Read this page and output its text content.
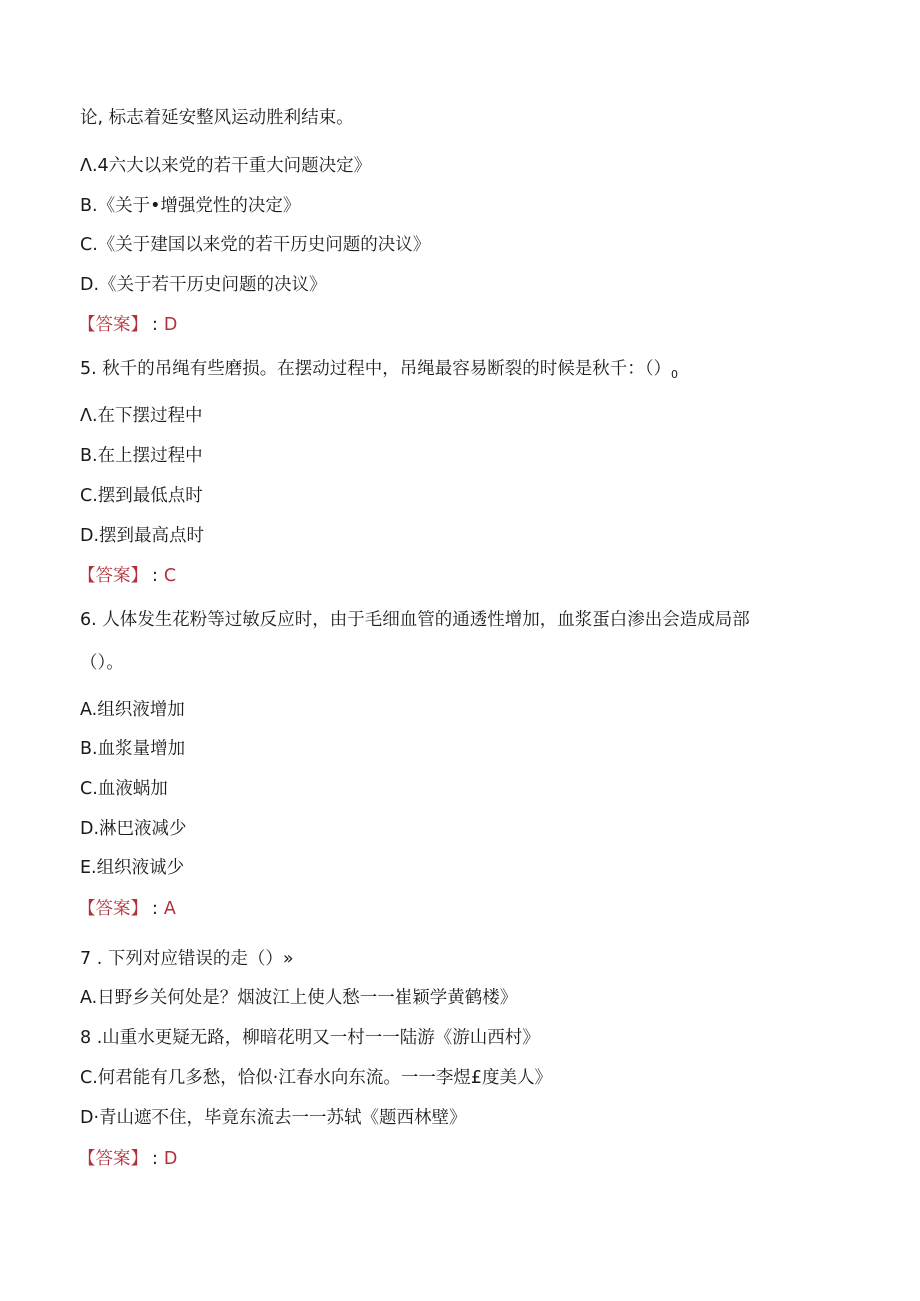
论, 标志着延安整风运动胜利结束。
Λ.4六大以来党的若干重大问题决定》
B.《关于•增强党性的决定》
C.《关于建国以来党的若干历史问题的决议》
D.《关于若干历史问题的决议》
【答案】 : D
5. 秋千的吊绳有些磨损。在摆动过程中，吊绳最容易断裂的时候是秋千：$()_0$
Λ.在下摆过程中
B.在上摆过程中
C.摆到最低点时
D.摆到最高点时
【答案】 : C
6. 人体发生花粉等过敏反应时，由于毛细血管的通透性增加，血浆蛋白渗出会造成局部
（）。
A.组织液增加
B.血浆量增加
C.血液蜗加
D.淋巴液减少
E.组织液诚少
【答案】 : A
7 . 下列对应错误的走（）»
A.日野乡关何处是？烟波江上使人愁一一崔颖学黄鹤楼》
8 .山重水更疑无路，柳暗花明又一村一一陆游《游山西村》
C.何君能有几多愁，恰似·江春水向东流。一一李煜£度美人》
D·青山遮不住，毕竟东流去一一苏轼《题西林壁》
【答案】 : D
